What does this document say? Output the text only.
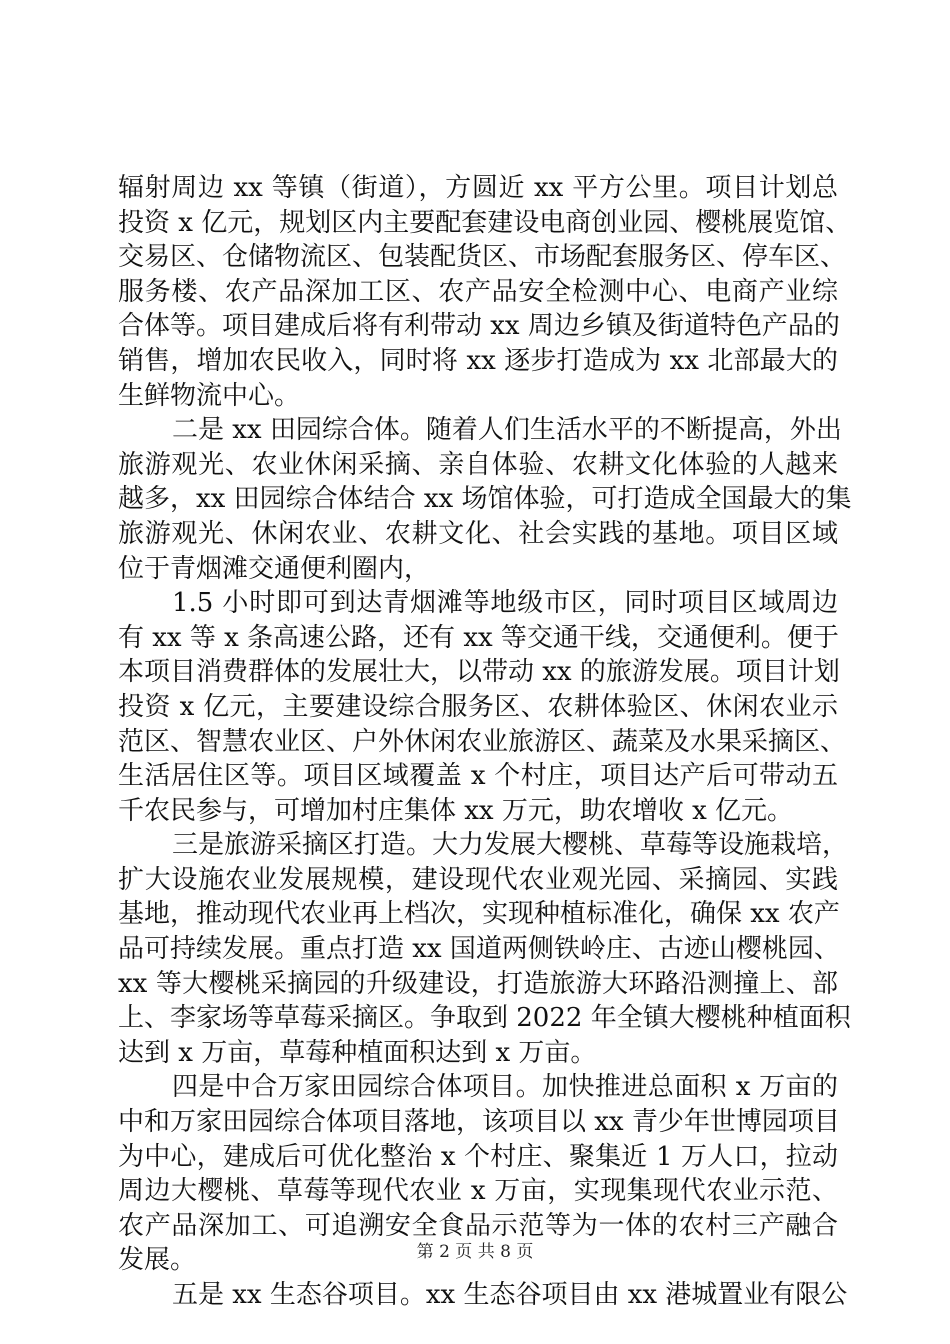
辐射周边 xx 等镇（街道），方圆近 xx 平方公里。项目计划总
投资 x 亿元，规划区内主要配套建设电商创业园、樱桃展览馆、
交易区、仓储物流区、包装配货区、市场配套服务区、停车区、
服务楼、农产品深加工区、农产品安全检测中心、电商产业综
合体等。项目建成后将有利带动 xx 周边乡镇及街道特色产品的
销售，增加农民收入，同时将 xx 逐步打造成为 xx 北部最大的
生鲜物流中心。
二是 xx 田园综合体。随着人们生活水平的不断提高，外出
旅游观光、农业休闲采摘、亲自体验、农耕文化体验的人越来
越多，xx 田园综合体结合 xx 场馆体验，可打造成全国最大的集
旅游观光、休闲农业、农耕文化、社会实践的基地。项目区域
位于青烟滩交通便利圈内，
1.5 小时即可到达青烟滩等地级市区，同时项目区域周边
有 xx 等 x 条高速公路，还有 xx 等交通干线，交通便利。便于
本项目消费群体的发展壮大，以带动 xx 的旅游发展。项目计划
投资 x 亿元，主要建设综合服务区、农耕体验区、休闲农业示
范区、智慧农业区、户外休闲农业旅游区、蔬菜及水果采摘区、
生活居住区等。项目区域覆盖 x 个村庄，项目达产后可带动五
千农民参与，可增加村庄集体 xx 万元，助农增收 x 亿元。
三是旅游采摘区打造。大力发展大樱桃、草莓等设施栽培，
扩大设施农业发展规模，建设现代农业观光园、采摘园、实践
基地，推动现代农业再上档次，实现种植标准化，确保 xx 农产
品可持续发展。重点打造 xx 国道两侧铁岭庄、古迹山樱桃园、
xx 等大樱桃采摘园的升级建设，打造旅游大环路沿测撞上、部
上、李家场等草莓采摘区。争取到 2022 年全镇大樱桃种植面积
达到 x 万亩，草莓种植面积达到 x 万亩。
四是中合万家田园综合体项目。加快推进总面积 x 万亩的
中和万家田园综合体项目落地，该项目以 xx 青少年世博园项目
为中心，建成后可优化整治 x 个村庄、聚集近 1 万人口，拉动
周边大樱桃、草莓等现代农业 x 万亩，实现集现代农业示范、
农产品深加工、可追溯安全食品示范等为一体的农村三产融合
发展。
五是 xx 生态谷项目。xx 生态谷项目由 xx 港城置业有限公
第 2 页 共 8 页
